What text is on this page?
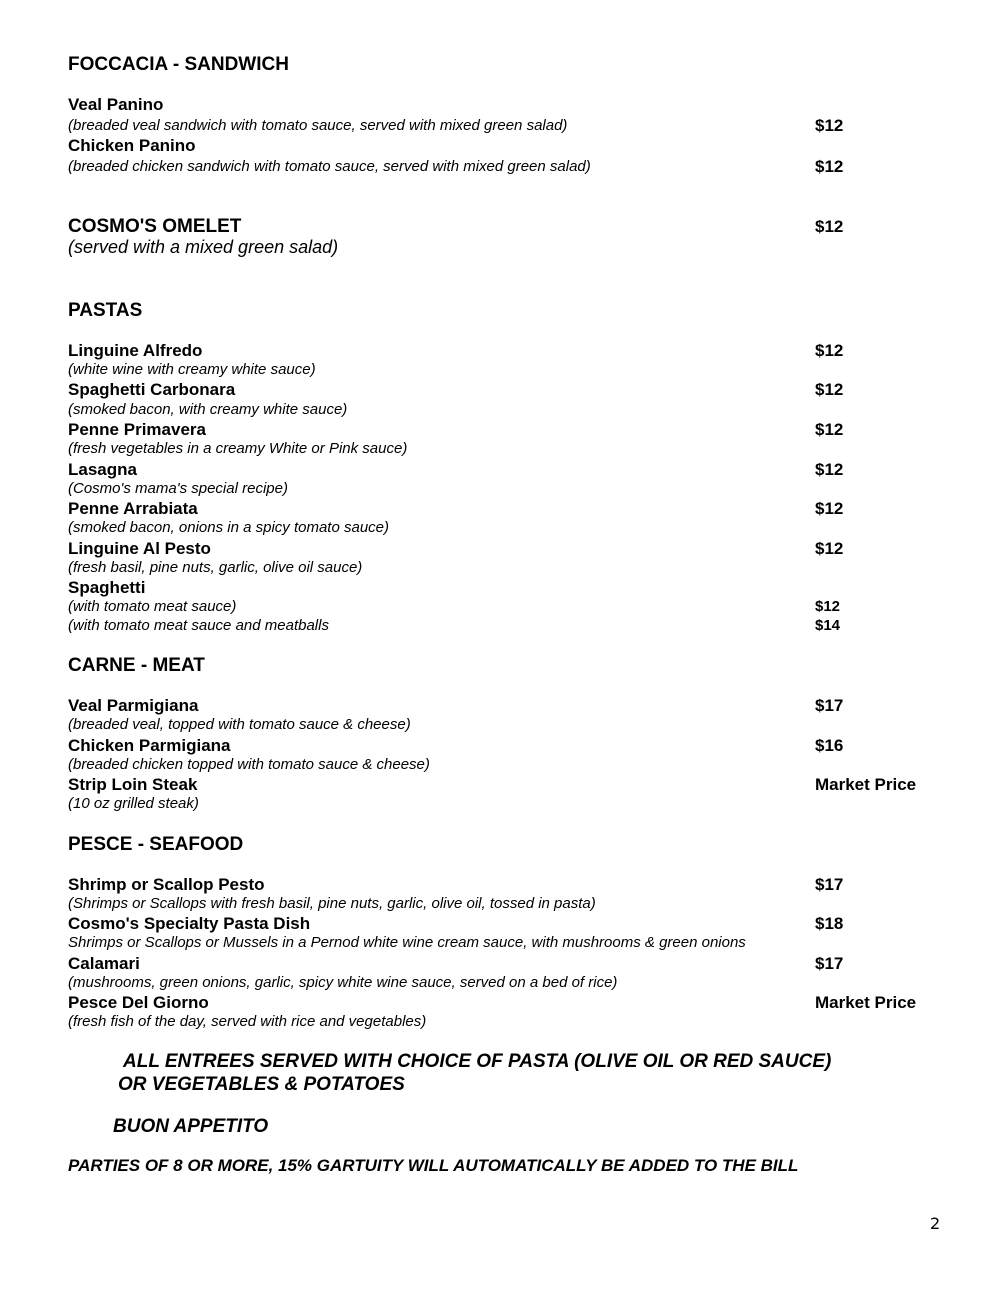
FOCCACIA - SANDWICH
Veal Panino
(breaded veal sandwich with tomato sauce, served with mixed green salad)	$12
Chicken Panino
(breaded chicken sandwich with tomato sauce, served with mixed green salad)	$12
COSMO'S OMELET	$12
(served with a mixed green salad)
PASTAS
Linguine Alfredo	$12
(white wine with creamy white sauce)
Spaghetti Carbonara	$12
(smoked bacon, with creamy white sauce)
Penne Primavera	$12
(fresh vegetables in a creamy White or Pink sauce)
Lasagna	$12
(Cosmo's mama's special recipe)
Penne Arrabiata	$12
(smoked bacon, onions in a spicy tomato sauce)
Linguine Al Pesto	$12
(fresh basil, pine nuts, garlic, olive oil sauce)
Spaghetti
(with tomato meat sauce)	$12
(with tomato meat sauce and meatballs	$14
CARNE - MEAT
Veal Parmigiana	$17
(breaded veal, topped with tomato sauce & cheese)
Chicken Parmigiana	$16
(breaded chicken topped with tomato sauce & cheese)
Strip Loin Steak	Market Price
(10 oz grilled steak)
PESCE - SEAFOOD
Shrimp or Scallop Pesto	$17
(Shrimps or Scallops with fresh basil, pine nuts, garlic, olive oil, tossed in pasta)
Cosmo's Specialty Pasta Dish	$18
Shrimps or Scallops or Mussels in a Pernod white wine cream sauce, with mushrooms & green onions
Calamari	$17
(mushrooms, green onions, garlic, spicy white wine sauce, served on a bed of rice)
Pesce Del Giorno	Market Price
(fresh fish of the day, served with rice and vegetables)
ALL ENTREES SERVED WITH CHOICE OF PASTA (OLIVE OIL OR RED SAUCE)
OR VEGETABLES & POTATOES
BUON APPETITO
PARTIES OF 8 OR MORE, 15% GARTUITY WILL AUTOMATICALLY BE ADDED TO THE BILL
2
